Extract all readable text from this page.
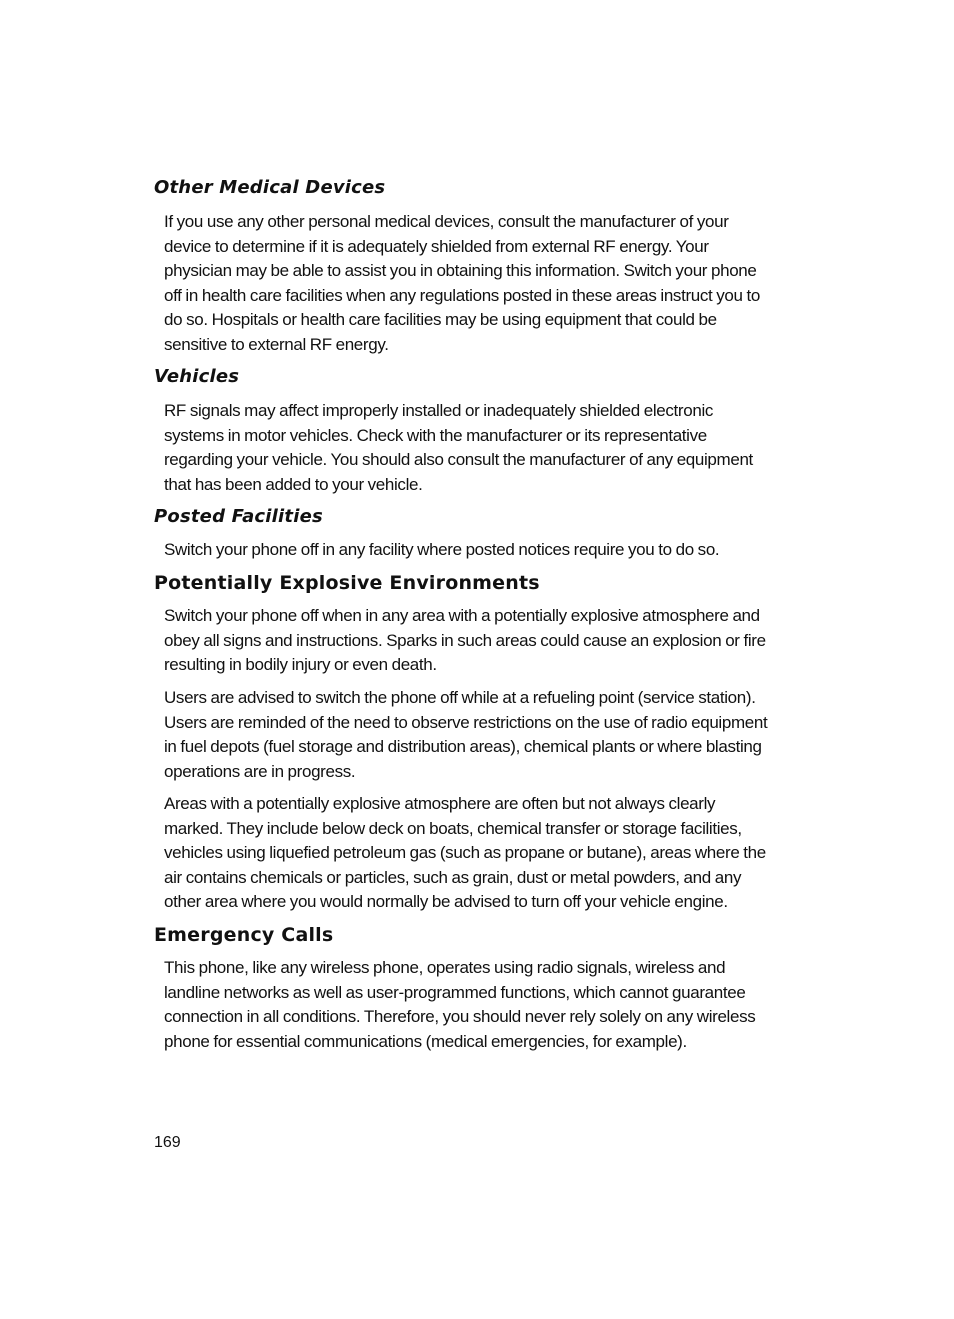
Other Medical Devices

If you use any other personal medical devices, consult the manufacturer of your device to determine if it is adequately shielded from external RF energy. Your physician may be able to assist you in obtaining this information. Switch your phone off in health care facilities when any regulations posted in these areas instruct you to do so. Hospitals or health care facilities may be using equipment that could be sensitive to external RF energy.

Vehicles

RF signals may affect improperly installed or inadequately shielded electronic systems in motor vehicles. Check with the manufacturer or its representative regarding your vehicle. You should also consult the manufacturer of any equipment that has been added to your vehicle.

Posted Facilities

Switch your phone off in any facility where posted notices require you to do so.

Potentially Explosive Environments

Switch your phone off when in any area with a potentially explosive atmosphere and obey all signs and instructions. Sparks in such areas could cause an explosion or fire resulting in bodily injury or even death.

Users are advised to switch the phone off while at a refueling point (service station). Users are reminded of the need to observe restrictions on the use of radio equipment in fuel depots (fuel storage and distribution areas), chemical plants or where blasting operations are in progress.

Areas with a potentially explosive atmosphere are often but not always clearly marked. They include below deck on boats, chemical transfer or storage facilities, vehicles using liquefied petroleum gas (such as propane or butane), areas where the air contains chemicals or particles, such as grain, dust or metal powders, and any other area where you would normally be advised to turn off your vehicle engine.

Emergency Calls

This phone, like any wireless phone, operates using radio signals, wireless and landline networks as well as user-programmed functions, which cannot guarantee connection in all conditions. Therefore, you should never rely solely on any wireless phone for essential communications (medical emergencies, for example).

169
